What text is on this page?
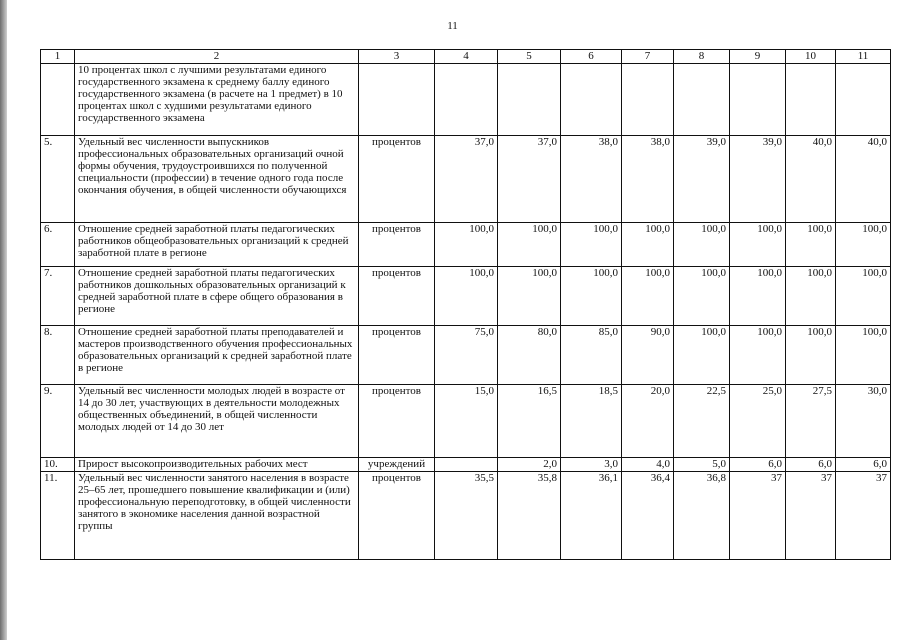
11
1	2	3	4	5	6	7	8	9	10	11
	10 процентах школ с лучшими результатами единого государственного экзамена к среднему баллу единого государственного экзамена (в расчете на 1 предмет) в 10 процентах школ с худшими результатами единого государственного экзамена									
5.	Удельный вес численности выпускников профессиональных образовательных организаций очной формы обучения, трудоустроившихся по полученной специальности (профессии) в течение одного года после окончания обучения, в общей численности обучающихся	процентов	37,0	37,0	38,0	38,0	39,0	39,0	40,0	40,0
6.	Отношение средней заработной платы педагогических работников общеобразовательных организаций к средней заработной плате в регионе	процентов	100,0	100,0	100,0	100,0	100,0	100,0	100,0	100,0
7.	Отношение средней заработной платы педагогических работников дошкольных образовательных организаций к средней заработной плате в сфере общего образования в регионе	процентов	100,0	100,0	100,0	100,0	100,0	100,0	100,0	100,0
8.	Отношение средней заработной платы преподавателей и мастеров производственного обучения профессиональных образовательных организаций к средней заработной плате в регионе	процентов	75,0	80,0	85,0	90,0	100,0	100,0	100,0	100,0
9.	Удельный вес численности молодых людей в возрасте от 14 до 30 лет, участвующих в деятельности молодежных общественных объединений, в общей численности молодых людей от 14 до 30 лет	процентов	15,0	16,5	18,5	20,0	22,5	25,0	27,5	30,0
10.	Прирост высокопроизводительных рабочих мест	учреждений		2,0	3,0	4,0	5,0	6,0	6,0	6,0
11.	Удельный вес численности занятого населения в возрасте 25–65 лет, прошедшего повышение квалификации и (или) профессиональную переподготовку, в общей численности занятого в экономике населения данной возрастной группы	процентов	35,5	35,8	36,1	36,4	36,8	37	37	37
